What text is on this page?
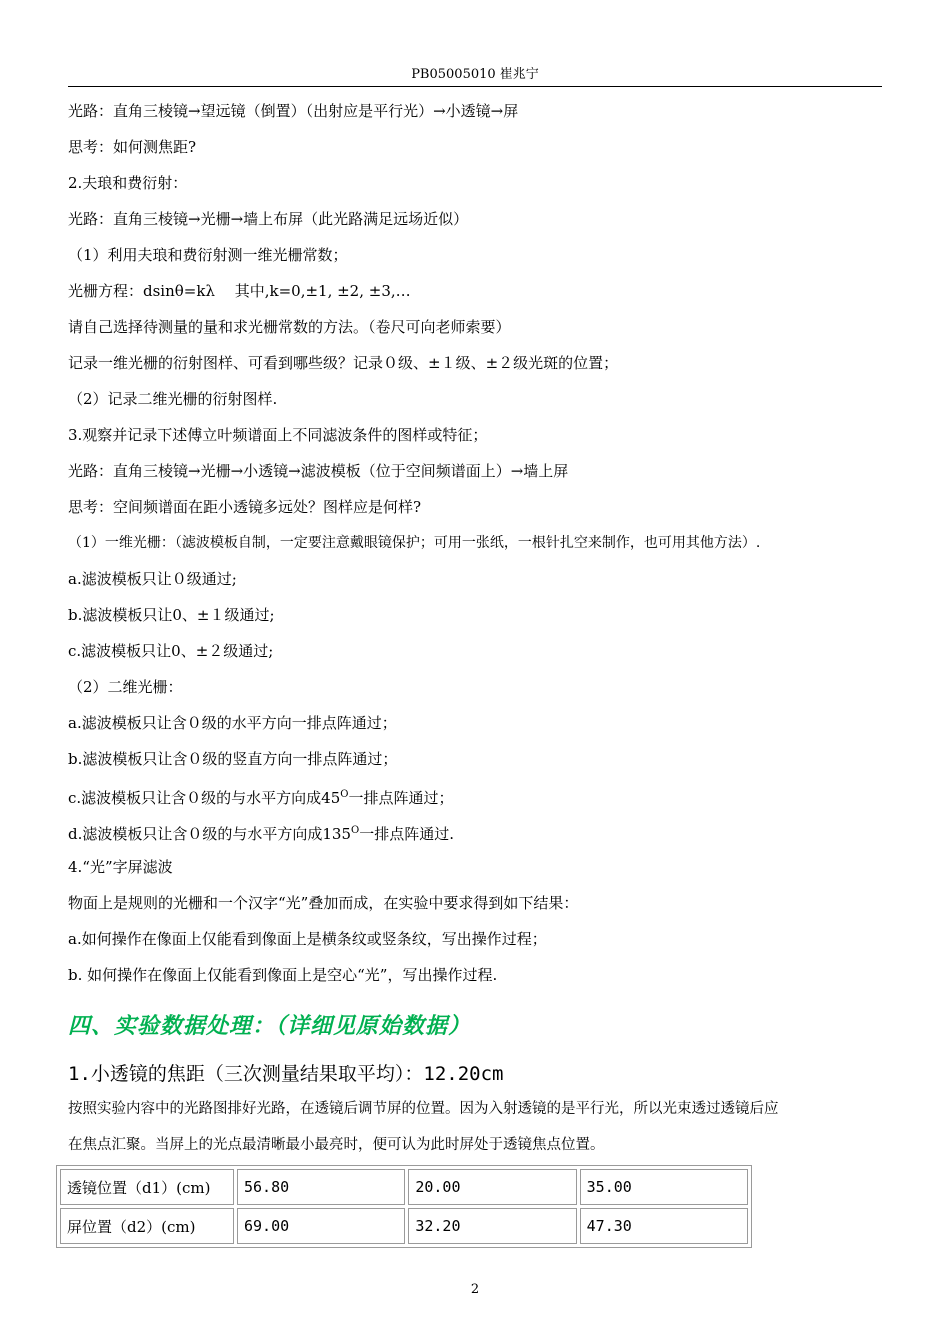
PB05005010 崔兆宁
光路：直角三棱镜→望远镜（倒置）（出射应是平行光）→小透镜→屏
思考：如何测焦距?
2.夫琅和费衍射：
光路：直角三棱镜→光栅→墙上布屏（此光路满足远场近似）
（1）利用夫琅和费衍射测一维光栅常数；
光栅方程：dsinθ=kλ　 其中,k=0,±1, ±2, ±3,…
请自己选择待测量的量和求光栅常数的方法。（卷尺可向老师索要）
记录一维光栅的衍射图样、可看到哪些级？记录０级、±１级、±２级光斑的位置；
（2）记录二维光栅的衍射图样.
3.观察并记录下述傅立叶频谱面上不同滤波条件的图样或特征；
光路：直角三棱镜→光栅→小透镜→滤波模板（位于空间频谱面上）→墙上屏
思考：空间频谱面在距小透镜多远处？图样应是何样?
（1）一维光栅：（滤波模板自制，一定要注意戴眼镜保护；可用一张纸，一根针扎空来制作，也可用其他方法）.
a.滤波模板只让０级通过;
b.滤波模板只让0、±１级通过;
c.滤波模板只让0、±２级通过;
（2）二维光栅：
a.滤波模板只让含０级的水平方向一排点阵通过；
b.滤波模板只让含０级的竖直方向一排点阵通过；
c.滤波模板只让含０级的与水平方向成$45^O$一排点阵通过；
d.滤波模板只让含０级的与水平方向成$135^O$一排点阵通过.
4.“光”字屏滤波
物面上是规则的光栅和一个汉字“光”叠加而成，在实验中要求得到如下结果：
a.如何操作在像面上仅能看到像面上是横条纹或竖条纹，写出操作过程；
b. 如何操作在像面上仅能看到像面上是空心“光”，写出操作过程.
四、实验数据处理：（详细见原始数据）
1.小透镜的焦距（三次测量结果取平均）：12.20cm
按照实验内容中的光路图排好光路，在透镜后调节屏的位置。因为入射透镜的是平行光，所以光束透过透镜后应
在焦点汇聚。当屏上的光点最清晰最小最亮时，便可认为此时屏处于透镜焦点位置。
透镜位置（d1）(cm)	56.80	20.00	35.00
屏位置（d2）(cm)	69.00	32.20	47.30
2
